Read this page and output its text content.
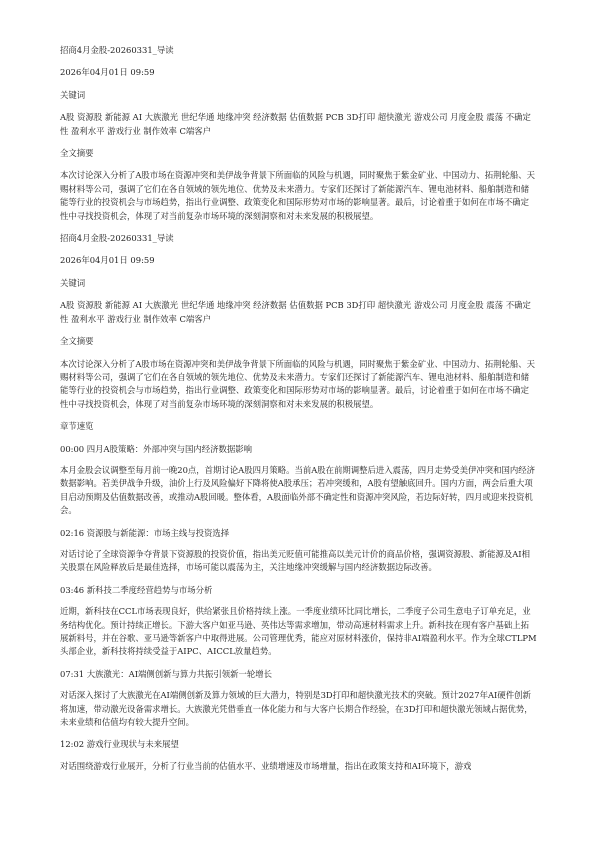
招商4月金股-20260331_导读

2026年04月01日 09:59

关键词

A股 资源股 新能源 AI 大族激光 世纪华通 地缘冲突 经济数据 估值数据 PCB 3D打印 超快激光 游戏公司 月度金股 震荡 不确定性 盈利水平 游戏行业 制作效率 C端客户

全文摘要

本次讨论深入分析了A股市场在资源冲突和美伊战争背景下所面临的风险与机遇，同时聚焦于紫金矿业、中国动力、拓荆轮船、天赐材料等公司，强调了它们在各自领域的领先地位、优势及未来潜力。专家们还探讨了新能源汽车、锂电池材料、船舶制造和储能等行业的投资机会与市场趋势，指出行业调整、政策变化和国际形势对市场的影响显著。最后，讨论着重于如何在市场不确定性中寻找投资机会，体现了对当前复杂市场环境的深刻洞察和对未来发展的积极展望。

招商4月金股-20260331_导读

2026年04月01日 09:59

关键词

A股 资源股 新能源 AI 大族激光 世纪华通 地缘冲突 经济数据 估值数据 PCB 3D打印 超快激光 游戏公司 月度金股 震荡 不确定性 盈利水平 游戏行业 制作效率 C端客户

全文摘要

本次讨论深入分析了A股市场在资源冲突和美伊战争背景下所面临的风险与机遇，同时聚焦于紫金矿业、中国动力、拓荆轮船、天赐材料等公司，强调了它们在各自领域的领先地位、优势及未来潜力。专家们还探讨了新能源汽车、锂电池材料、船舶制造和储能等行业的投资机会与市场趋势，指出行业调整、政策变化和国际形势对市场的影响显著。最后，讨论着重于如何在市场不确定性中寻找投资机会，体现了对当前复杂市场环境的深刻洞察和对未来发展的积极展望。

章节速览

00:00 四月A股策略：外部冲突与国内经济数据影响

本月金股会议调整至每月前一晚20点，首期讨论A股四月策略。当前A股在前期调整后进入震荡，四月走势受美伊冲突和国内经济数据影响。若美伊战争升级，油价上行及风险偏好下降将使A股承压；若冲突缓和，A股有望触底回升。国内方面，两会后重大项目启动预期及估值数据改善，或推动A股回暖。整体看，A股面临外部不确定性和资源冲突风险，若边际好转，四月或迎来投资机会。

02:16 资源股与新能源：市场主线与投资选择

对话讨论了全球资源争夺背景下资源股的投资价值，指出美元贬值可能推高以美元计价的商品价格，强调资源股、新能源及AI相关股票在风险释放后是最佳选择，市场可能以震荡为主，关注地缘冲突缓解与国内经济数据边际改善。

03:46 新科技二季度经营趋势与市场分析

近期，新科技在CCL市场表现良好，供给紧张且价格持续上涨。一季度业绩环比同比增长，二季度子公司生意电子订单充足，业务结构优化。预计持续正增长。下游大客户如亚马逊、英伟达等需求增加，带动高速材料需求上升。新科技在现有客户基础上拓展新料号，并在谷歌、亚马逊等新客户中取得进展。公司管理优秀，能应对原材料涨价，保持非AI端盈利水平。作为全球CTLPM头部企业，新科技将持续受益于AIPC、AICCL放量趋势。

07:31 大族激光：AI端侧创新与算力共振引领新一轮增长

对话深入探讨了大族激光在AI端侧创新及算力领域的巨大潜力，特别是3D打印和超快激光技术的突破。预计2027年AI硬件创新将加速，带动激光设备需求增长。大族激光凭借垂直一体化能力和与大客户长期合作经验，在3D打印和超快激光领域占据优势，未来业绩和估值均有较大提升空间。

12:02 游戏行业现状与未来展望

对话围绕游戏行业展开，分析了行业当前的估值水平、业绩增速及市场增量，指出在政策支持和AI环境下，游戏
